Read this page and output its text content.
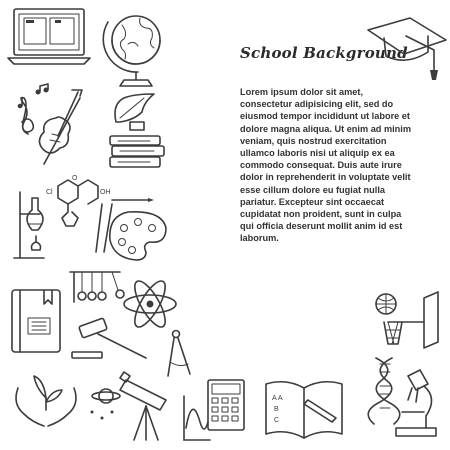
School Background
Lorem ipsum dolor sit amet, consectetur adipisicing elit, sed do eiusmod tempor incididunt ut labore et dolore magna aliqua. Ut enim ad minim veniam, quis nostrud exercitation ullamco laboris nisi ut aliquip ex ea commodo consequat. Duis aute irure dolor in reprehenderit in voluptate velit esse cillum dolore eu fugiat nulla pariatur. Excepteur sint occaecat cupidatat non proident, sunt in culpa qui officia deserunt mollit anim id est laborum.
Cl	OH
O
A A
B
C
